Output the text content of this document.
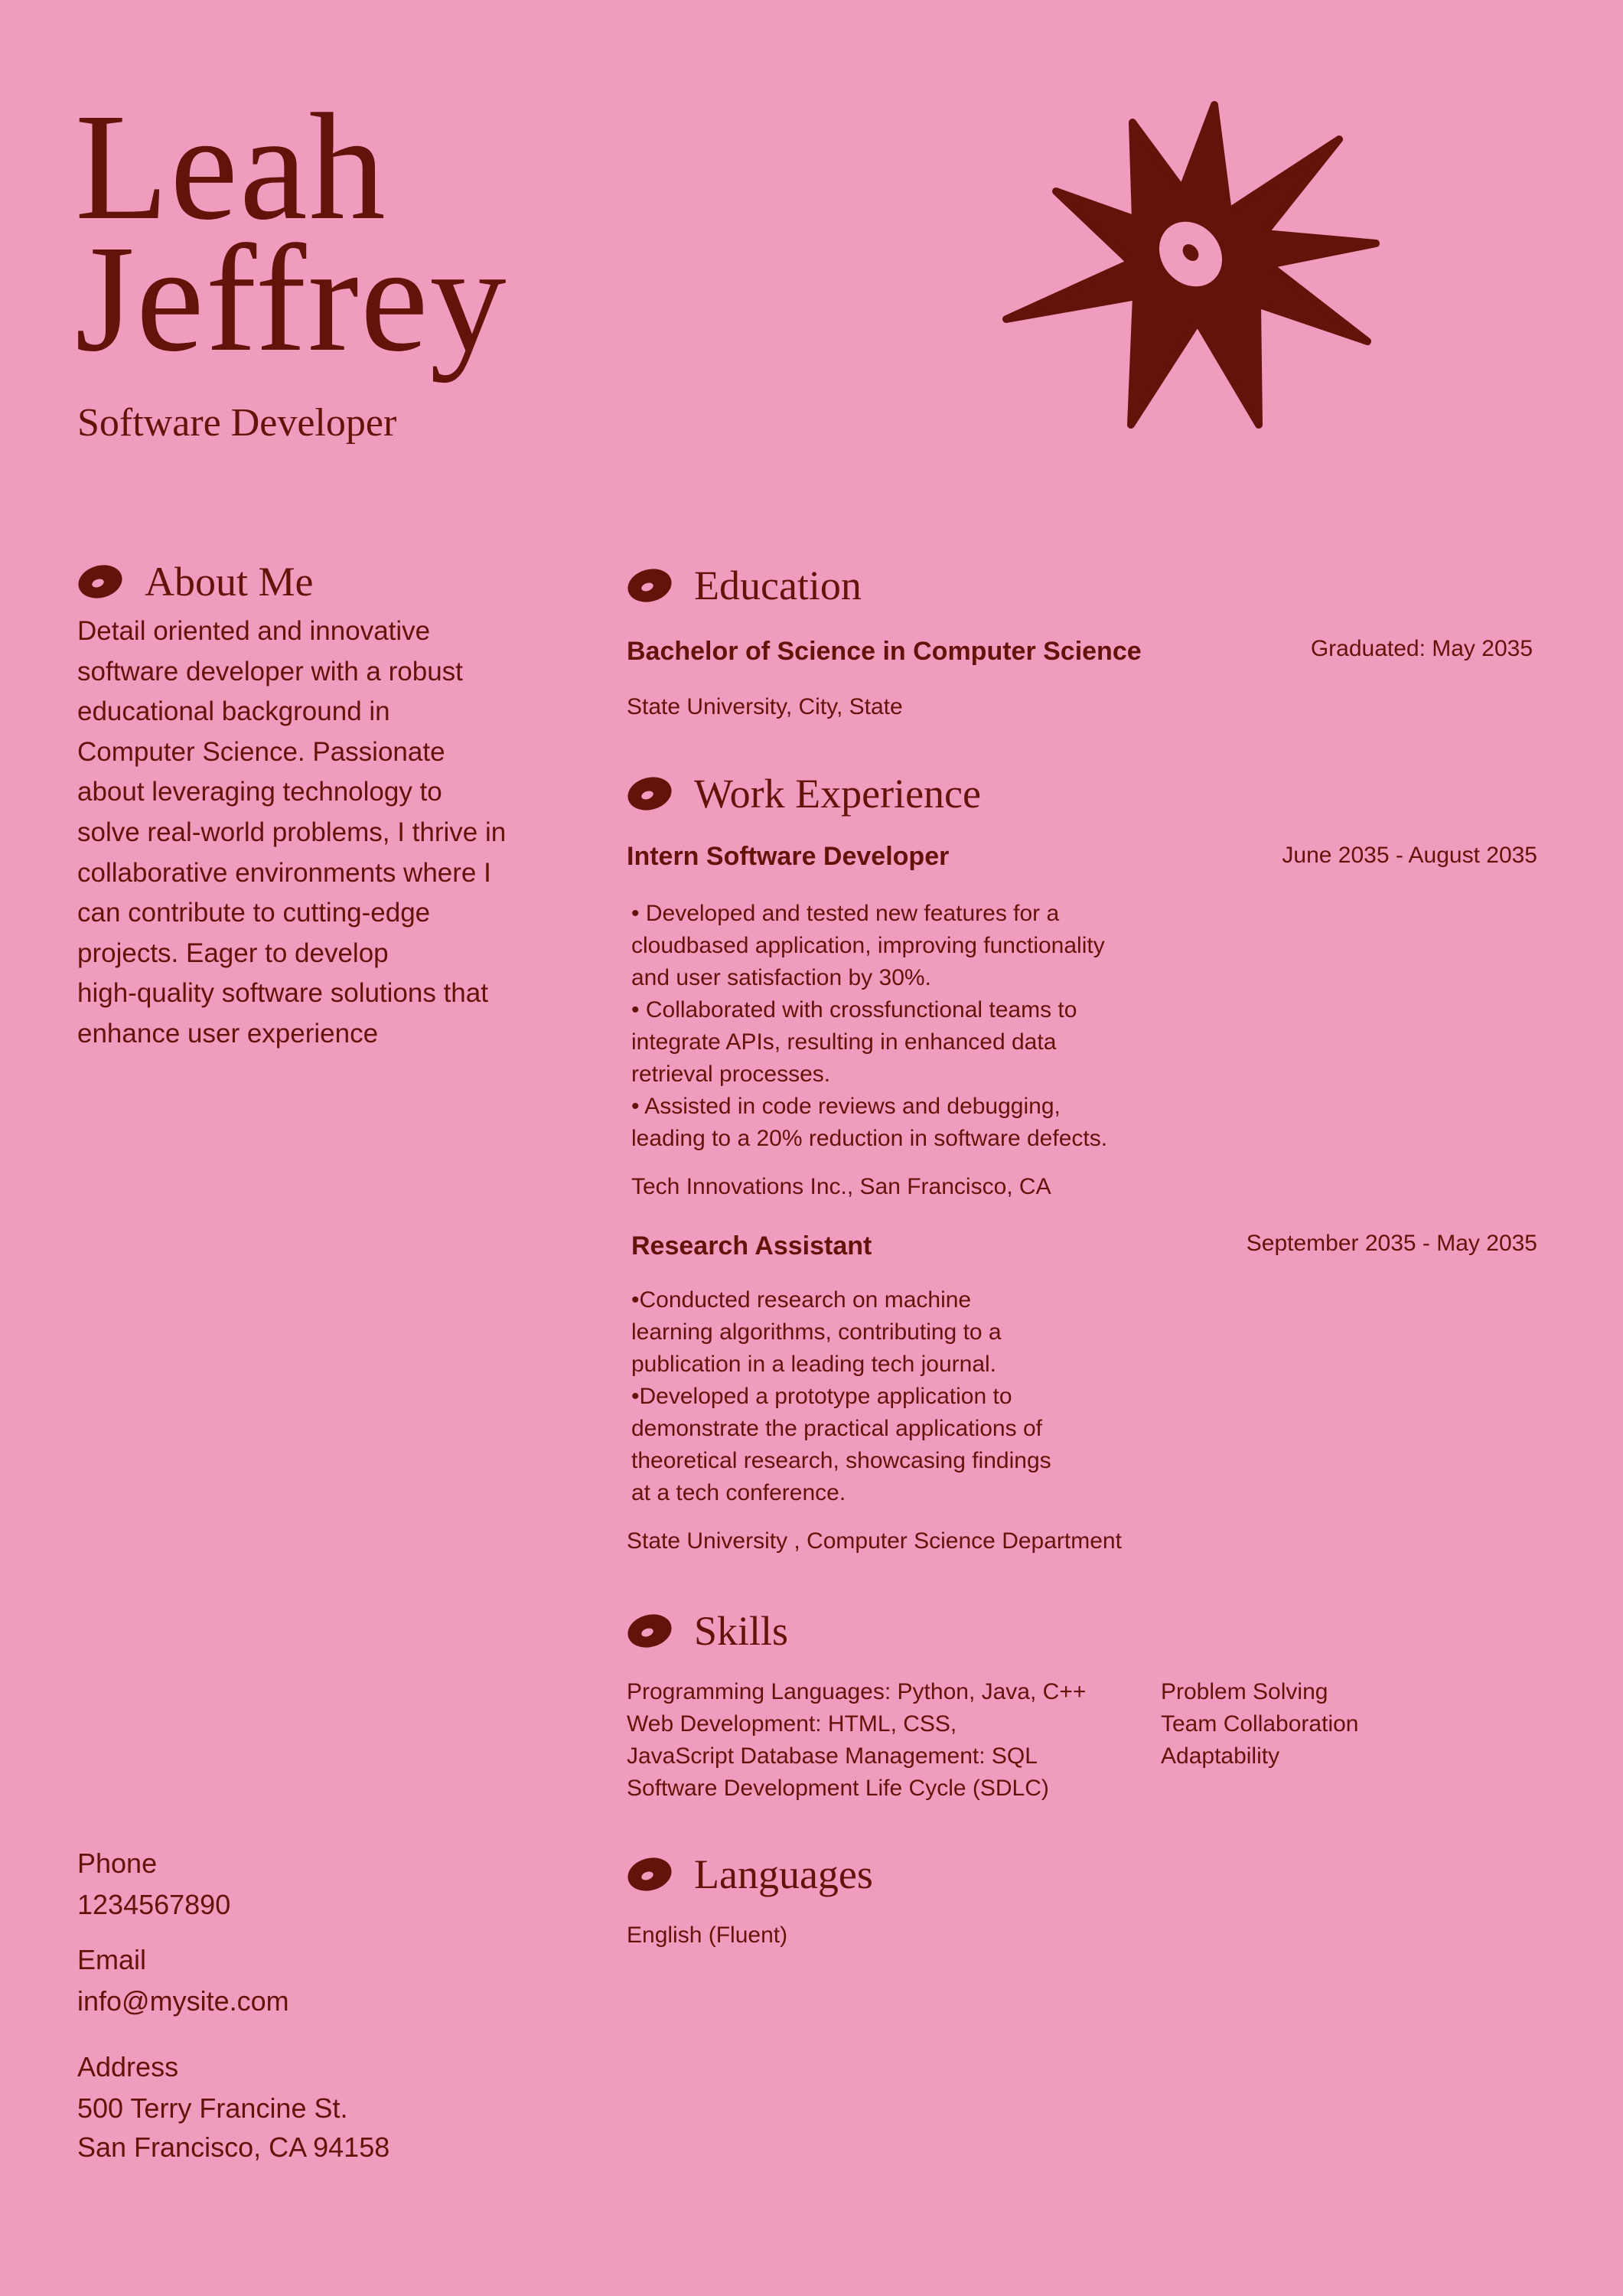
Leah
Jeffrey
Software Developer
About Me
Detail oriented and innovative
software developer with a robust
educational background in
Computer Science. Passionate
about leveraging technology to
solve real-world problems, I thrive in
collaborative environments where I
can contribute to cutting-edge
projects. Eager to develop
high-quality software solutions that
enhance user experience
Phone
1234567890
Email
info@mysite.com
Address
500 Terry Francine St.
San Francisco, CA 94158
Education
Bachelor of Science in Computer Science	Graduated: May 2035
State University, City, State
Work Experience
Intern Software Developer	June 2035 - August 2035
• Developed and tested new features for a
cloudbased application, improving functionality
and user satisfaction by 30%.
• Collaborated with crossfunctional teams to
integrate APIs, resulting in enhanced data
retrieval processes.
• Assisted in code reviews and debugging,
leading to a 20% reduction in software defects.
Tech Innovations Inc., San Francisco, CA
Research Assistant	September 2035 - May 2035
•Conducted research on machine
learning algorithms, contributing to a
publication in a leading tech journal.
•Developed a prototype application to
demonstrate the practical applications of
theoretical research, showcasing findings
at a tech conference.
State University , Computer Science Department
Skills
Programming Languages: Python, Java, C++
Web Development: HTML, CSS,
JavaScript Database Management: SQL
Software Development Life Cycle (SDLC)
Problem Solving
Team Collaboration
Adaptability
Languages
English (Fluent)
